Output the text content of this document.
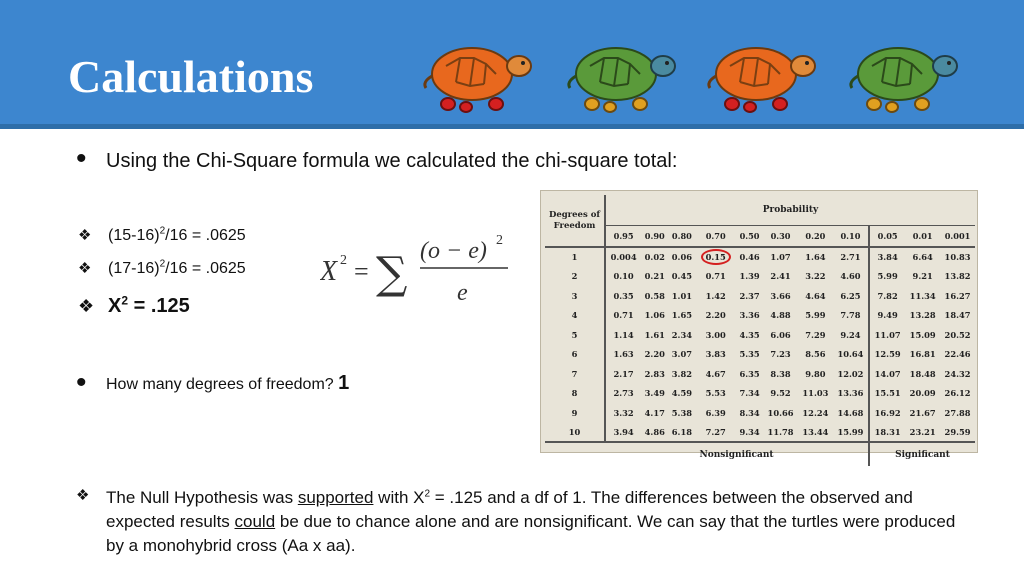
Calculations
• Using the Chi-Square formula we calculated the chi-square total:
❖	$(15-16)^2/16 = .0625$
❖	$(17-16)^2/16 = .0625$
❖ $X^2 = .125$
X 2 = ∑ (o − e) 2
e
•	How many degrees of freedom? 1
Degrees of
Freedom	Probability										
	0.95	0.90	0.80	0.70	0.50	0.30	0.20	0.10	0.05	0.01	0.001
1	0.004	0.02	0.06	0.15	0.46	1.07	1.64	2.71	3.84	6.64	10.83
2	0.10	0.21	0.45	0.71	1.39	2.41	3.22	4.60	5.99	9.21	13.82
3	0.35	0.58	1.01	1.42	2.37	3.66	4.64	6.25	7.82	11.34	16.27
4	0.71	1.06	1.65	2.20	3.36	4.88	5.99	7.78	9.49	13.28	18.47
5	1.14	1.61	2.34	3.00	4.35	6.06	7.29	9.24	11.07	15.09	20.52
6	1.63	2.20	3.07	3.83	5.35	7.23	8.56	10.64	12.59	16.81	22.46
7	2.17	2.83	3.82	4.67	6.35	8.38	9.80	12.02	14.07	18.48	24.32
8	2.73	3.49	4.59	5.53	7.34	9.52	11.03	13.36	15.51	20.09	26.12
9	3.32	4.17	5.38	6.39	8.34	10.66	12.24	14.68	16.92	21.67	27.88
10	3.94	4.86	6.18	7.27	9.34	11.78	13.44	15.99	18.31	23.21	29.59
	Nonsignificant								Significant		
❖ The Null Hypothesis was supported with $X^2 = .125$ and a df of 1. The differences between the observed and expected results could be due to chance alone and are nonsignificant. We can say that the turtles were produced by a monohybrid cross (Aa x aa).
